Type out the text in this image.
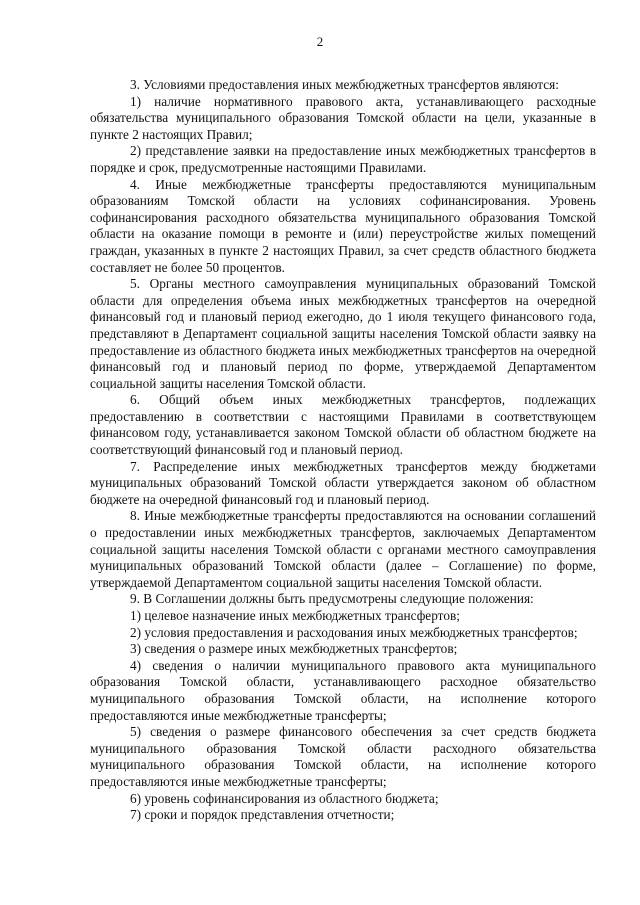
2

3. Условиями предоставления иных межбюджетных трансфертов являются:

1) наличие нормативного правового акта, устанавливающего расходные обязательства муниципального образования Томской области на цели, указанные в пункте 2 настоящих Правил;

2) представление заявки на предоставление иных межбюджетных трансфертов в порядке и срок, предусмотренные настоящими Правилами.

4. Иные межбюджетные трансферты предоставляются муниципальным образованиям Томской области на условиях софинансирования. Уровень софинансирования расходного обязательства муниципального образования Томской области на оказание помощи в ремонте и (или) переустройстве жилых помещений граждан, указанных в пункте 2 настоящих Правил, за счет средств областного бюджета составляет не более 50 процентов.

5. Органы местного самоуправления муниципальных образований Томской области для определения объема иных межбюджетных трансфертов на очередной финансовый год и плановый период ежегодно, до 1 июля текущего финансового года, представляют в Департамент социальной защиты населения Томской области заявку на предоставление из областного бюджета иных межбюджетных трансфертов на очередной финансовый год и плановый период по форме, утверждаемой Департаментом социальной защиты населения Томской области.

6. Общий объем иных межбюджетных трансфертов, подлежащих предоставлению в соответствии с настоящими Правилами в соответствующем финансовом году, устанавливается законом Томской области об областном бюджете на соответствующий финансовый год и плановый период.

7. Распределение иных межбюджетных трансфертов между бюджетами муниципальных образований Томской области утверждается законом об областном бюджете на очередной финансовый год и плановый период.

8. Иные межбюджетные трансферты предоставляются на основании соглашений о предоставлении иных межбюджетных трансфертов, заключаемых Департаментом социальной защиты населения Томской области с органами местного самоуправления муниципальных образований Томской области (далее – Соглашение) по форме, утверждаемой Департаментом социальной защиты населения Томской области.

9. В Соглашении должны быть предусмотрены следующие положения:

1) целевое назначение иных межбюджетных трансфертов;

2) условия предоставления и расходования иных межбюджетных трансфертов;

3) сведения о размере иных межбюджетных трансфертов;

4) сведения о наличии муниципального правового акта муниципального образования Томской области, устанавливающего расходное обязательство муниципального образования Томской области, на исполнение которого предоставляются иные межбюджетные трансферты;

5) сведения о размере финансового обеспечения за счет средств бюджета муниципального образования Томской области расходного обязательства муниципального образования Томской области, на исполнение которого предоставляются иные межбюджетные трансферты;

6) уровень софинансирования из областного бюджета;

7) сроки и порядок представления отчетности;
